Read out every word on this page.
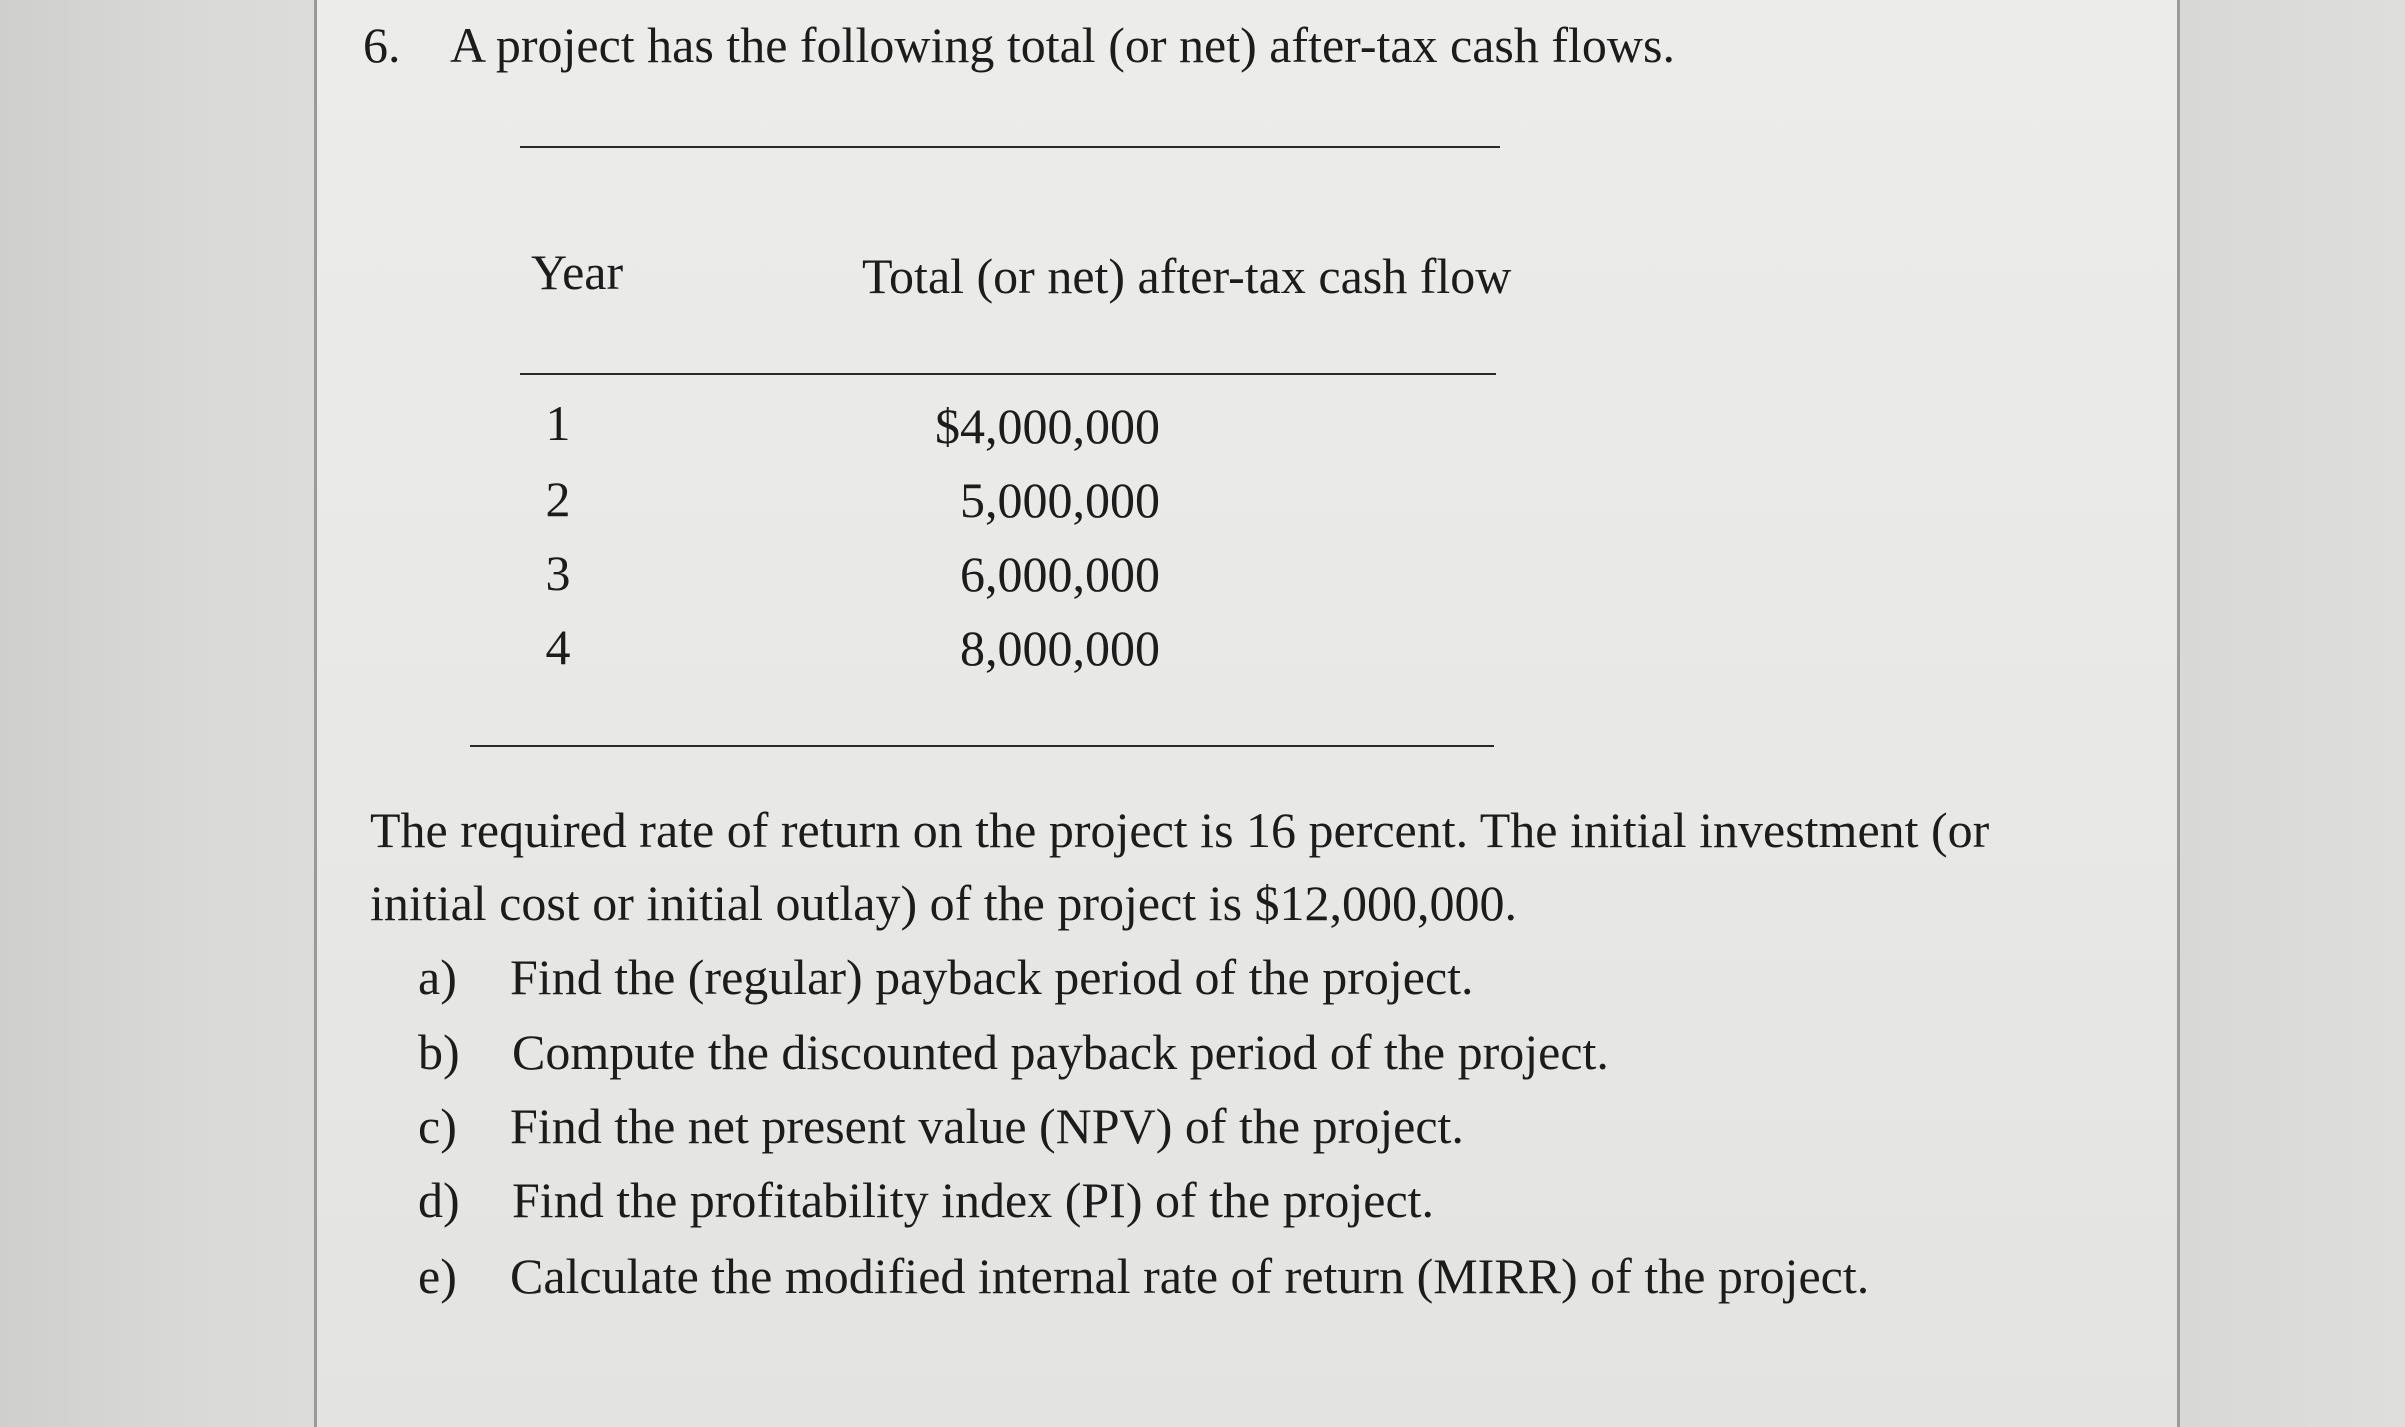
6. A project has the following total (or net) after-tax cash flows.
Year	Total (or net) after-tax cash flow
1	$4,000,000
2	5,000,000
3	6,000,000
4	8,000,000
The required rate of return on the project is 16 percent. The initial investment (or
initial cost or initial outlay) of the project is $12,000,000.
a) Find the (regular) payback period of the project.
b) Compute the discounted payback period of the project.
c) Find the net present value (NPV) of the project.
d) Find the profitability index (PI) of the project.
e) Calculate the modified internal rate of return (MIRR) of the project.
